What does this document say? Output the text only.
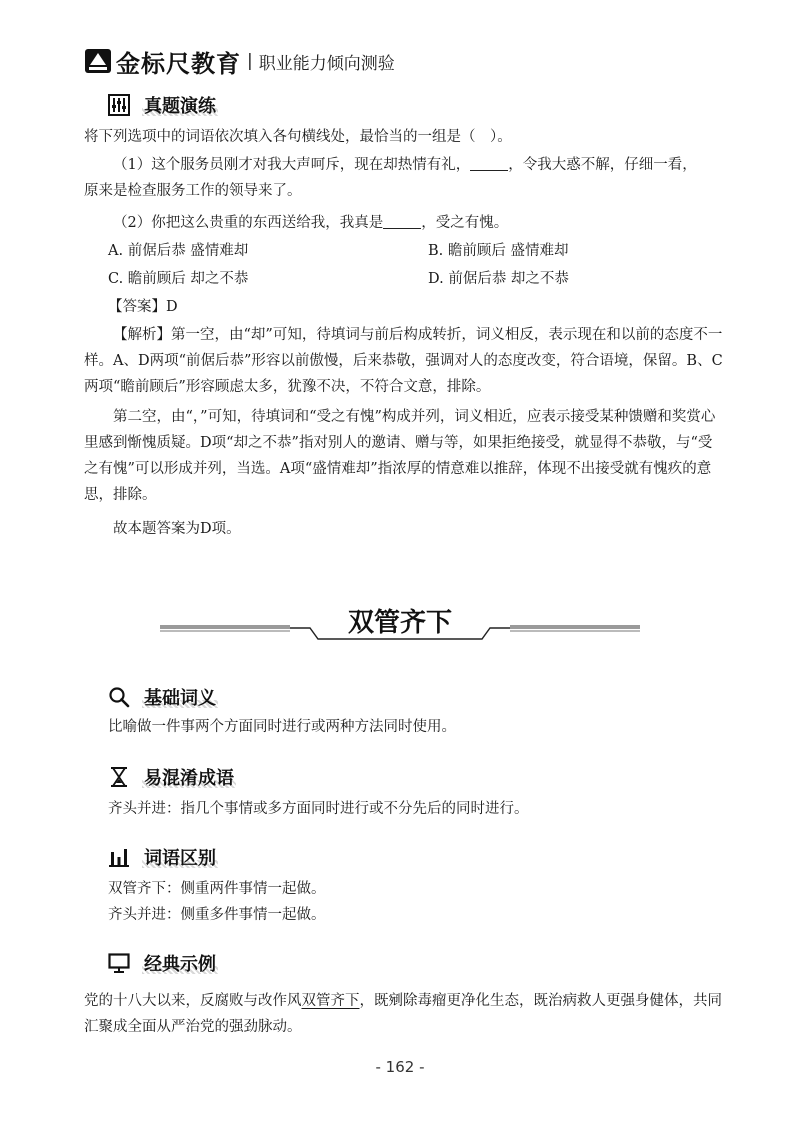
金标尺教育 | 职业能力倾向测验
真题演练
将下列选项中的词语依次填入各句横线处，最恰当的一组是（　）。
（1）这个服务员刚才对我大声呵斥，现在却热情有礼，	，令我大惑不解，仔细一看，
原来是检查服务工作的领导来了。
（2）你把这么贵重的东西送给我，我真是	，受之有愧。
A. 前倨后恭 盛情难却	B. 瞻前顾后 盛情难却
C. 瞻前顾后 却之不恭	D. 前倨后恭 却之不恭
【答案】D
【解析】第一空，由“却”可知，待填词与前后构成转折，词义相反，表示现在和以前的态度不一样。A、D两项“前倨后恭”形容以前傲慢，后来恭敬，强调对人的态度改变，符合语境，保留。B、C两项“瞻前顾后”形容顾虑太多，犹豫不决，不符合文意，排除。
第二空，由“，”可知，待填词和“受之有愧”构成并列，词义相近，应表示接受某种馈赠和奖赏心里感到惭愧质疑。D项“却之不恭”指对别人的邀请、赠与等，如果拒绝接受，就显得不恭敬，与“受之有愧”可以形成并列，当选。A项“盛情难却”指浓厚的情意难以推辞，体现不出接受就有愧疚的意思，排除。
故本题答案为D项。
双管齐下
基础词义
比喻做一件事两个方面同时进行或两种方法同时使用。
易混淆成语
齐头并进：指几个事情或多方面同时进行或不分先后的同时进行。
词语区别
双管齐下：侧重两件事情一起做。
齐头并进：侧重多件事情一起做。
经典示例
党的十八大以来，反腐败与改作风双管齐下，既剜除毒瘤更净化生态，既治病救人更强身健体，共同汇聚成全面从严治党的强劲脉动。
- 162 -
